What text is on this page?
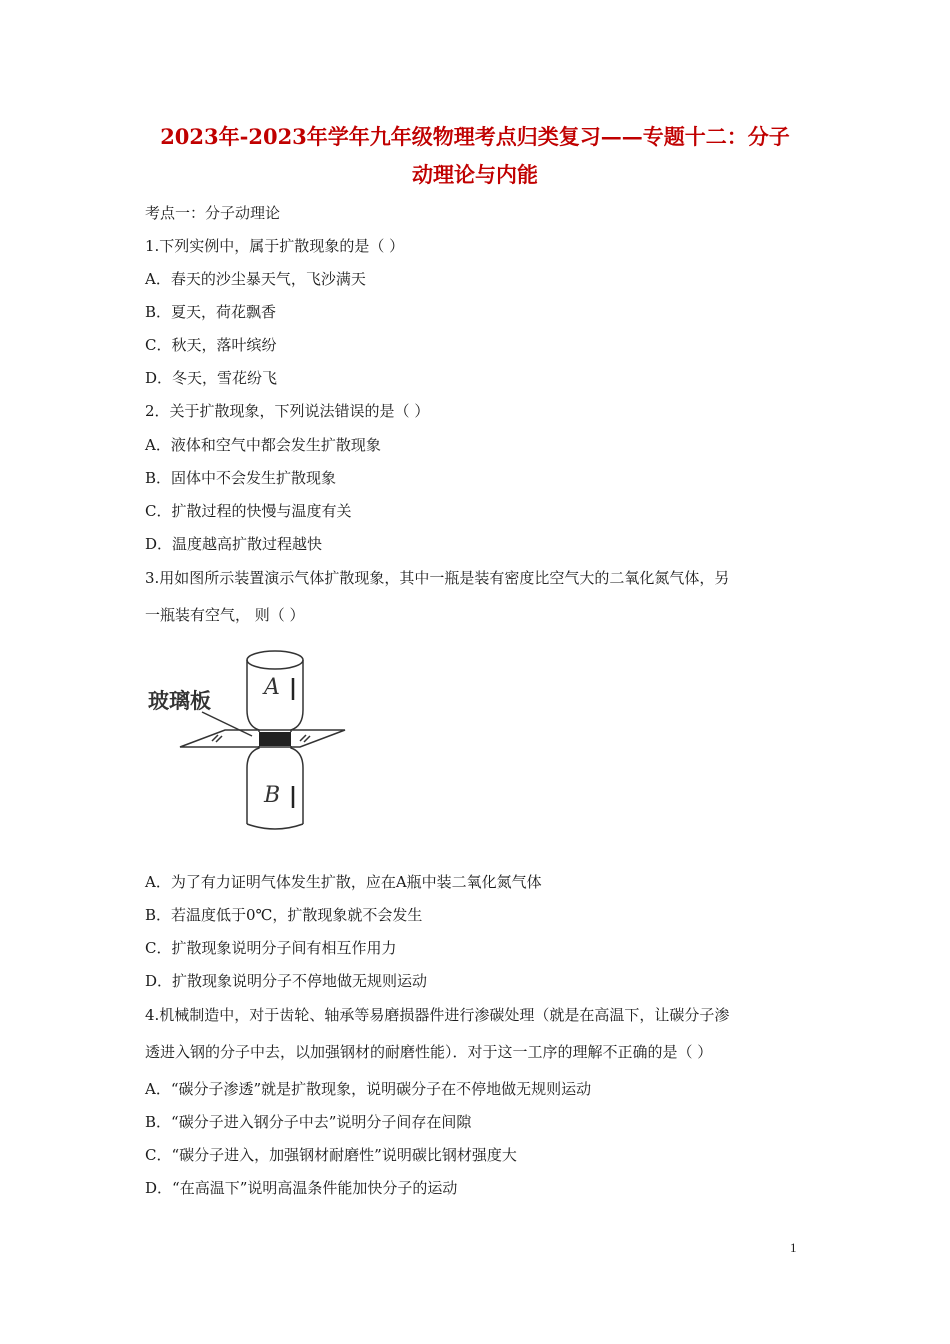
2023年-2023年学年九年级物理考点归类复习——专题十二：分子
动理论与内能
考点一：分子动理论
1.下列实例中，属于扩散现象的是（ ）
A．春天的沙尘暴天气，飞沙满天
B．夏天，荷花飘香
C．秋天，落叶缤纷
D．冬天，雪花纷飞
2．关于扩散现象，下列说法错误的是（ ）
A．液体和空气中都会发生扩散现象
B．固体中不会发生扩散现象
C．扩散过程的快慢与温度有关
D．温度越高扩散过程越快
3.用如图所示装置演示气体扩散现象，其中一瓶是装有密度比空气大的二氧化氮气体，另
一瓶装有空气， 则（ ）
玻璃板
A
B
A．为了有力证明气体发生扩散，应在A瓶中装二氧化氮气体
B．若温度低于0℃，扩散现象就不会发生
C．扩散现象说明分子间有相互作用力
D．扩散现象说明分子不停地做无规则运动
4.机械制造中，对于齿轮、轴承等易磨损器件进行渗碳处理（就是在高温下，让碳分子渗
透进入钢的分子中去，以加强钢材的耐磨性能）．对于这一工序的理解不正确的是（ ）
A．“碳分子渗透”就是扩散现象，说明碳分子在不停地做无规则运动
B．“碳分子进入钢分子中去”说明分子间存在间隙
C．“碳分子进入，加强钢材耐磨性”说明碳比钢材强度大
D．“在高温下”说明高温条件能加快分子的运动
1
